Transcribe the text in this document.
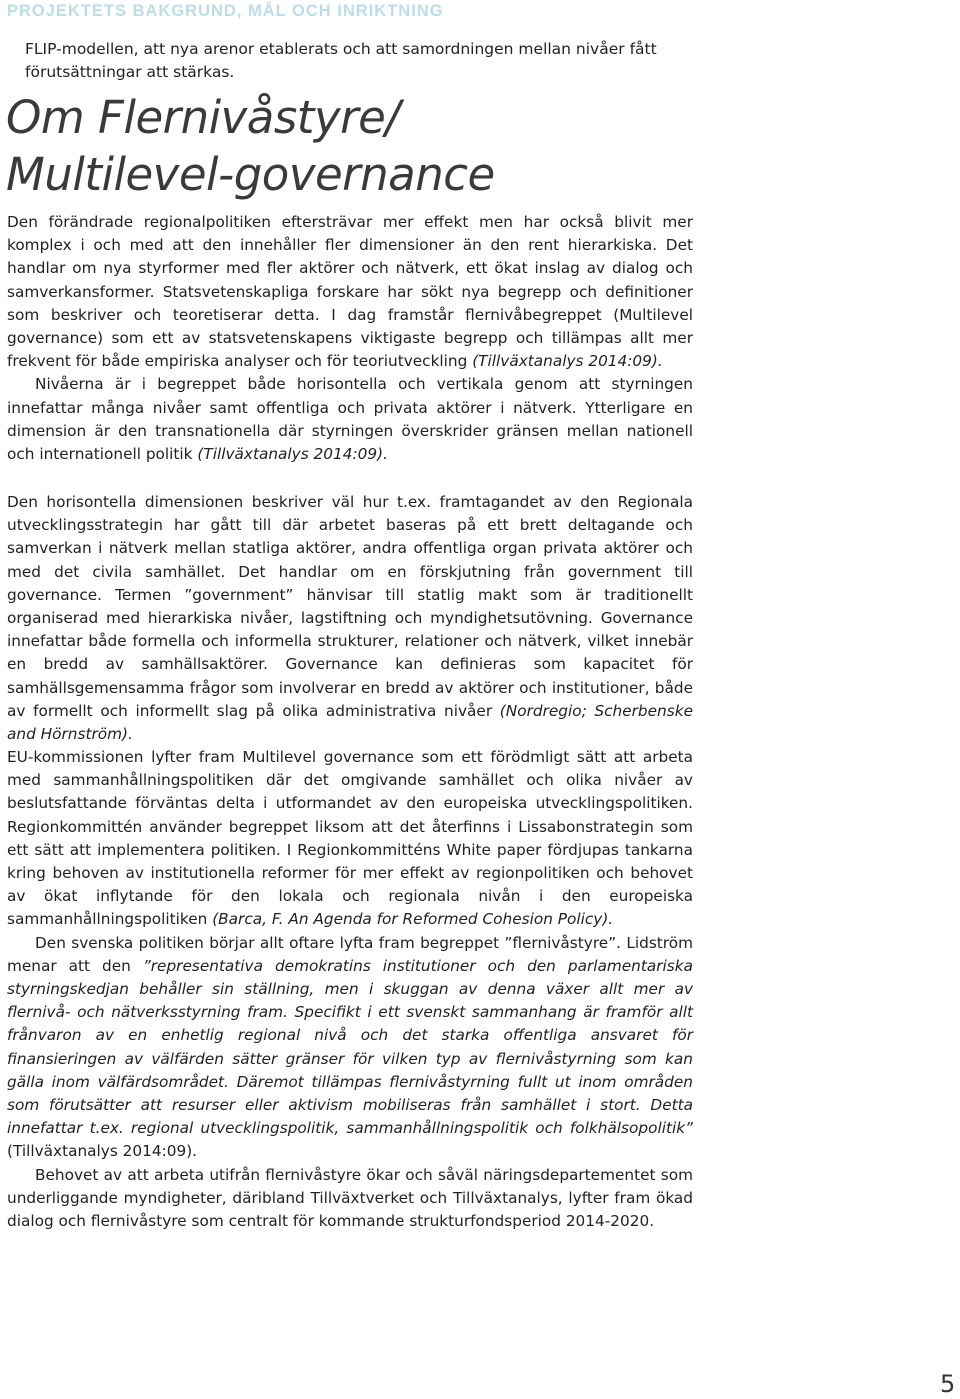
PROJEKTETS BAKGRUND, MÅL OCH INRIKTNING

FLIP-modellen, att nya arenor etablerats och att samordningen mellan nivåer fått förutsättningar att stärkas.

Om Flernivåstyre/
Multilevel-governance

Den förändrade regionalpolitiken eftersträvar mer effekt men har också blivit mer komplex i och med att den innehåller fler dimensioner än den rent hierarkiska. Det handlar om nya styrformer med fler aktörer och nätverk, ett ökat inslag av dialog och samverkansformer. Statsvetenskapliga forskare har sökt nya begrepp och definitioner som beskriver och teoretiserar detta. I dag framstår flernivåbegreppet (Multilevel governance) som ett av statsvetenskapens viktigaste begrepp och tillämpas allt mer frekvent för både empiriska analyser och för teoriutveckling (Tillväxtanalys 2014:09).

Nivåerna är i begreppet både horisontella och vertikala genom att styrningen innefattar många nivåer samt offentliga och privata aktörer i nätverk. Ytterligare en dimension är den transnationella där styrningen överskrider gränsen mellan nationell och internationell politik (Tillväxtanalys 2014:09).

Den horisontella dimensionen beskriver väl hur t.ex. framtagandet av den Regionala utvecklingsstrategin har gått till där arbetet baseras på ett brett deltagande och samverkan i nätverk mellan statliga aktörer, andra offentliga organ privata aktörer och med det civila samhället. Det handlar om en förskjutning från government till governance. Termen ”government” hänvisar till statlig makt som är traditionellt organiserad med hierarkiska nivåer, lagstiftning och myndighetsutövning. Governance innefattar både formella och informella strukturer, relationer och nätverk, vilket innebär en bredd av samhällsaktörer. Governance kan definieras som kapacitet för samhällsgemensamma frågor som involverar en bredd av aktörer och institutioner, både av formellt och informellt slag på olika administrativa nivåer (Nordregio; Scherbenske and Hörnström).

EU-kommissionen lyfter fram Multilevel governance som ett förödmligt sätt att arbeta med sammanhållningspolitiken där det omgivande samhället och olika nivåer av beslutsfattande förväntas delta i utformandet av den europeiska utvecklingspolitiken. Regionkommittén använder begreppet liksom att det återfinns i Lissabonstrategin som ett sätt att implementera politiken. I Regionkommitténs White paper fördjupas tankarna kring behoven av institutionella reformer för mer effekt av regionpolitiken och behovet av ökat inflytande för den lokala och regionala nivån i den europeiska sammanhållningspolitiken (Barca, F. An Agenda for Reformed Cohesion Policy).

Den svenska politiken börjar allt oftare lyfta fram begreppet ”flernivåstyre”. Lidström menar att den ”representativa demokratins institutioner och den parlamentariska styrningskedjan behåller sin ställning, men i skuggan av denna växer allt mer av flernivå- och nätverksstyrning fram. Specifikt i ett svenskt sammanhang är framför allt frånvaron av en enhetlig regional nivå och det starka offentliga ansvaret för finansieringen av välfärden sätter gränser för vilken typ av flernivåstyrning som kan gälla inom välfärdsområdet. Däremot tillämpas flernivåstyrning fullt ut inom områden som förutsätter att resurser eller aktivism mobiliseras från samhället i stort. Detta innefattar t.ex. regional utvecklingspolitik, sammanhållningspolitik och folkhälsopolitik” (Tillväxtanalys 2014:09).

Behovet av att arbeta utifrån flernivåstyre ökar och såväl näringsdepartementet som underliggande myndigheter, däribland Tillväxtverket och Tillväxtanalys, lyfter fram ökad dialog och flernivåstyre som centralt för kommande strukturfondsperiod 2014-2020.

5
